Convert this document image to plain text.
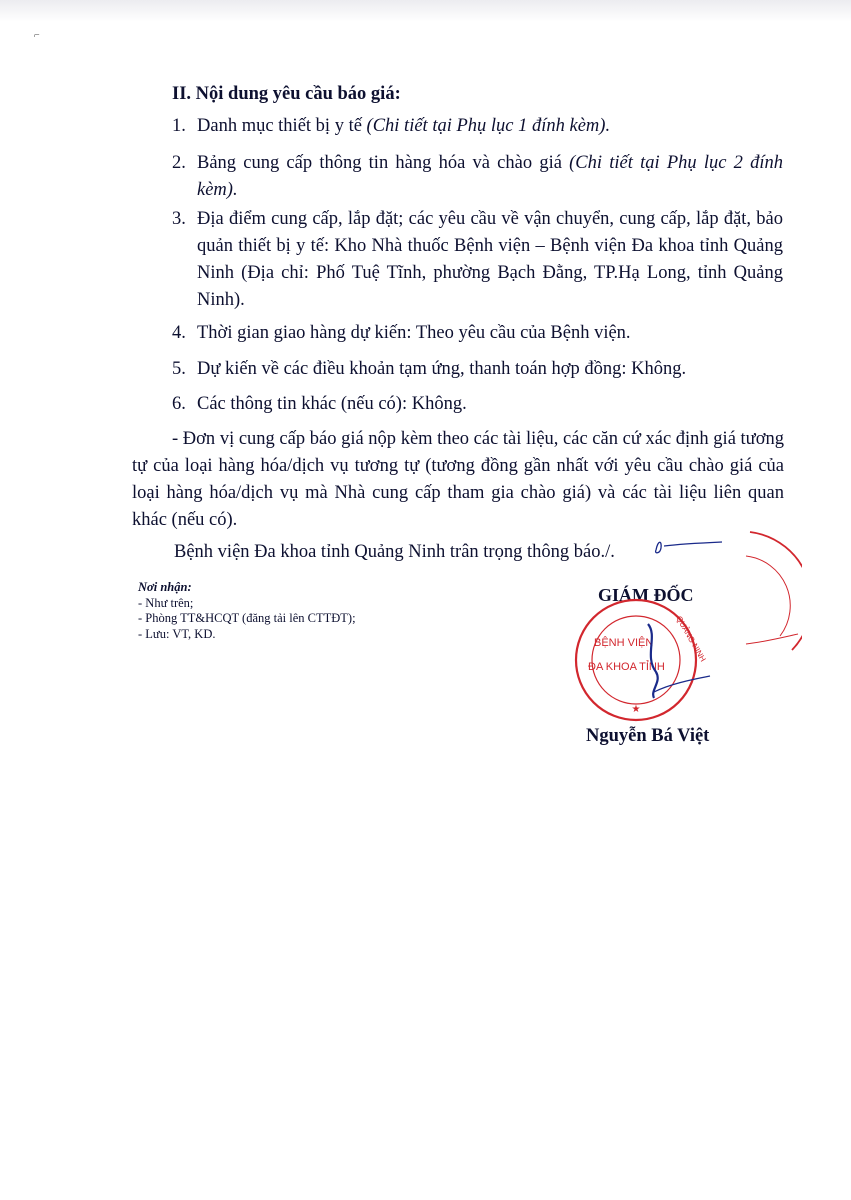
⌐
II. Nội dung yêu cầu báo giá:
1. Danh mục thiết bị y tế (Chi tiết tại Phụ lục 1 đính kèm).
2. Bảng cung cấp thông tin hàng hóa và chào giá (Chi tiết tại Phụ lục 2 đính kèm).
3. Địa điểm cung cấp, lắp đặt; các yêu cầu về vận chuyển, cung cấp, lắp đặt, bảo quản thiết bị y tế: Kho Nhà thuốc Bệnh viện – Bệnh viện Đa khoa tỉnh Quảng Ninh (Địa chỉ: Phố Tuệ Tĩnh, phường Bạch Đằng, TP.Hạ Long, tỉnh Quảng Ninh).
4. Thời gian giao hàng dự kiến: Theo yêu cầu của Bệnh viện.
5. Dự kiến về các điều khoản tạm ứng, thanh toán hợp đồng: Không.
6. Các thông tin khác (nếu có): Không.

- Đơn vị cung cấp báo giá nộp kèm theo các tài liệu, các căn cứ xác định giá tương tự của loại hàng hóa/dịch vụ tương tự (tương đồng gần nhất với yêu cầu chào giá của loại hàng hóa/dịch vụ mà Nhà cung cấp tham gia chào giá) và các tài liệu liên quan khác (nếu có).

Bệnh viện Đa khoa tỉnh Quảng Ninh trân trọng thông báo./.

Nơi nhận:
- Như trên;
- Phòng TT&HCQT (đăng tải lên CTTĐT);
- Lưu: VT, KD.

GIÁM ĐỐC

BỆNH VIỆN
ĐA KHOA TỈNH
QUẢNG NINH
★

Nguyễn Bá Việt
